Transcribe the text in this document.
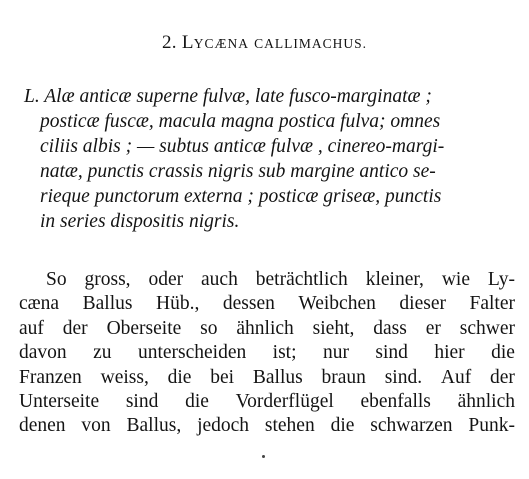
2. LYCÆNA CALLIMACHUS.
L. Alæ anticæ superne fulvæ, late fusco-marginatæ ;
posticæ fuscæ, macula magna postica fulva; omnes
ciliis albis ; — subtus anticæ fulvæ , cinereo-margi-
natæ, punctis crassis nigris sub margine antico se-
rieque punctorum externa ; posticæ griseæ, punctis
in series dispositis nigris.
So gross, oder auch beträchtlich kleiner, wie Ly-
cæna Ballus Hüb., dessen Weibchen dieser Falter
auf der Oberseite so ähnlich sieht, dass er schwer
davon zu unterscheiden ist; nur sind hier die
Franzen weiss, die bei Ballus braun sind. Auf der
Unterseite sind die Vorderflügel ebenfalls ähnlich
denen von Ballus, jedoch stehen die schwarzen Punk-
